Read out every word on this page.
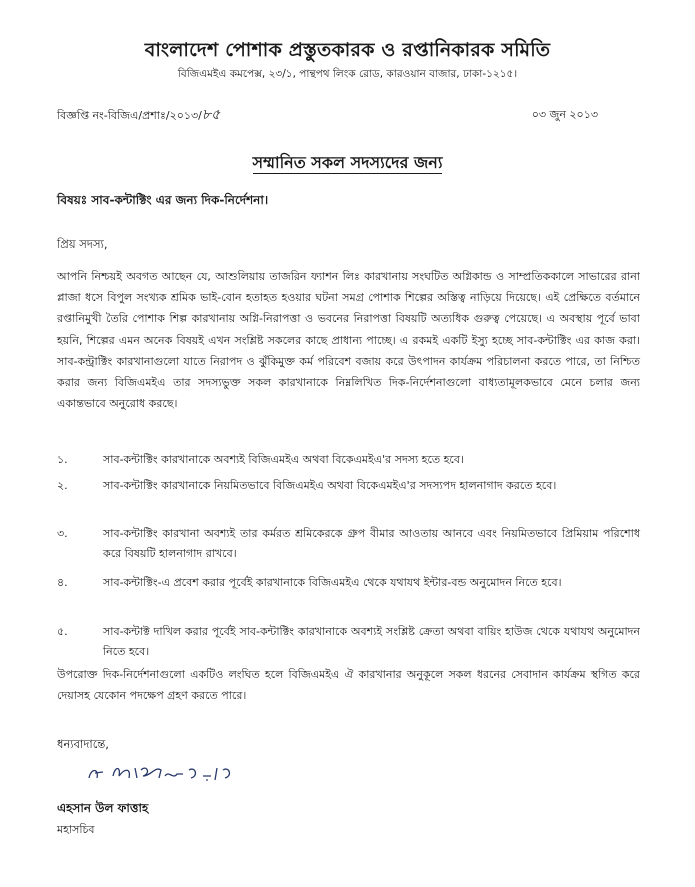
বাংলাদেশ পোশাক প্রস্তুতকারক ও রপ্তানিকারক সমিতি
বিজিএমইএ কমপেক্স, ২৩/১, পান্থপথ লিংক রোড, কারওয়ান বাজার, ঢাকা-১২১৫।
বিজ্ঞপ্তি নং-বিজিএ/প্রশাঃ/২০১৩/৮৫	০৩ জুন ২০১৩
সম্মানিত সকল সদস্যদের জন্য
বিষয়ঃ সাব-কন্টাক্টিং এর জন্য দিক-নির্দেশনা।
প্রিয় সদস্য,
আপনি নিশ্চয়ই অবগত আছেন যে, আশুলিয়ায় তাজরিন ফ্যাশন লিঃ কারখানায় সংঘটিত অগ্নিকান্ড ও সাম্প্রতিককালে সাভারের রানা প্লাজা ধসে বিপুল সংখ্যক শ্রমিক ভাই-বোন হতাহত হওয়ার ঘটনা সমগ্র পোশাক শিল্পের অস্তিত্ব নাড়িয়ে দিয়েছে। এই প্রেক্ষিতে বর্তমানে রপ্তানিমুখী তৈরি পোশাক শিল্প কারখানায় অগ্নি-নিরাপত্তা ও ভবনের নিরাপত্তা বিষয়টি অত্যধিক গুরুত্ব পেয়েছে। এ অবস্থায় পূর্বে ভাবা হয়নি, শিল্পের এমন অনেক বিষয়ই এখন সংশ্লিষ্ট সকলের কাছে প্রাধান্য পাচ্ছে। এ রকমই একটি ইস্যু হচ্ছে সাব-কন্টাক্টিং এর কাজ করা। সাব-কন্ট্রাক্টিং কারখানাগুলো যাতে নিরাপদ ও ঝুঁকিমুক্ত কর্ম পরিবেশ বজায় করে উৎপাদন কার্যক্রম পরিচালনা করতে পারে, তা নিশ্চিত করার জন্য বিজিএমইএ তার সদস্যভুক্ত সকল কারখানাকে নিম্নলিখিত দিক-নির্দেশনাগুলো বাধ্যতামূলকভাবে মেনে চলার জন্য একান্তভাবে অনুরোধ করছে।
১.	সাব-কন্টাক্টিং কারখানাকে অবশ্যই বিজিএমইএ অথবা বিকেএমইএ'র সদস্য হতে হবে।
২.	সাব-কন্টাক্টিং কারখানাকে নিয়মিতভাবে বিজিএমইএ অথবা বিকেএমইএ'র সদস্যপদ হালনাগাদ করতে হবে।
৩.	সাব-কন্টাক্টিং কারখানা অবশ্যই তার কর্মরত শ্রমিকেরকে গ্রুপ বীমার আওতায় আনবে এবং নিয়মিতভাবে প্রিমিয়াম পরিশোধ করে বিষয়টি হালনাগাদ রাখবে।
৪.	সাব-কন্টাক্টিং-এ প্রবেশ করার পূর্বেই কারখানাকে বিজিএমইএ থেকে যথাযথ ইন্টার-বন্ড অনুমোদন নিতে হবে।
৫.	সাব-কন্টাক্ট দাখিল করার পূর্বেই সাব-কন্টাক্টিং কারখানাকে অবশ্যই সংশ্লিষ্ট ক্রেতা অথবা বায়িং হাউজ থেকে যথাযথ অনুমোদন নিতে হবে।
উপরোক্ত দিক-নির্দেশনাগুলো একটিও লংঘিত হলে বিজিএমইএ ঐ কারখানার অনুকূলে সকল ধরনের সেবাদান কার্যক্রম স্থগিত করে দেয়াসহ যেকোন পদক্ষেপ গ্রহণ করতে পারে।
ধন্যবাদান্তে,
এহসান উল ফাত্তাহ
মহাসচিব
